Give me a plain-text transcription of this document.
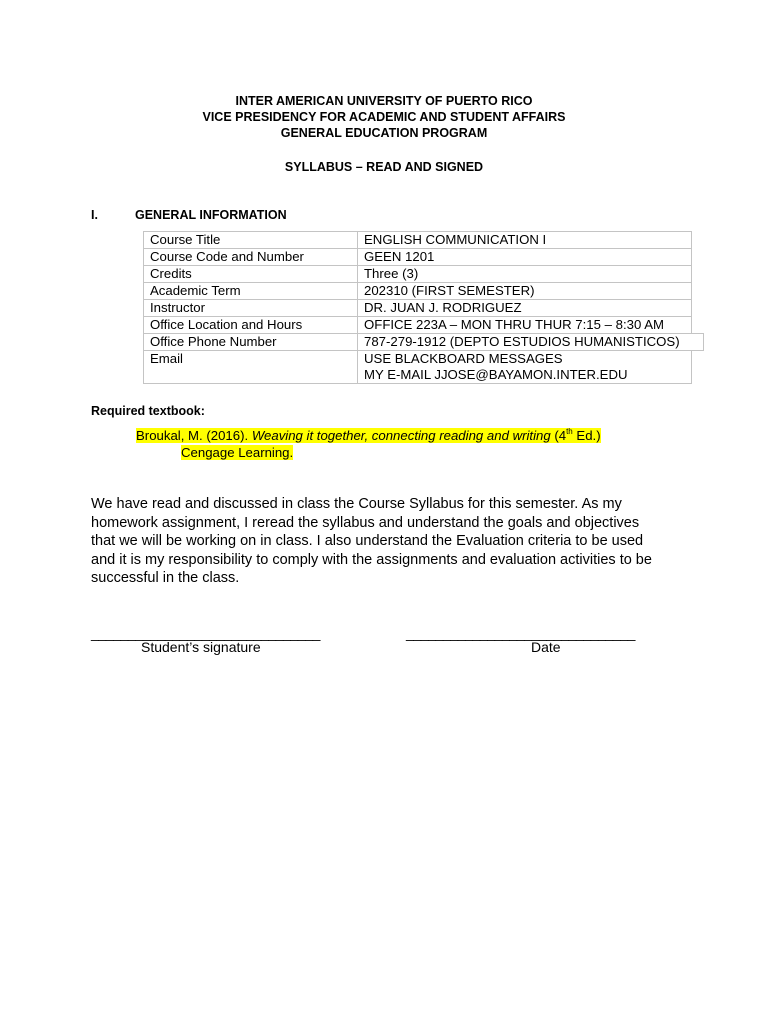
INTER AMERICAN UNIVERSITY OF PUERTO RICO
VICE PRESIDENCY FOR ACADEMIC AND STUDENT AFFAIRS
GENERAL EDUCATION PROGRAM
SYLLABUS – READ AND SIGNED
I.	GENERAL INFORMATION
Course Title	ENGLISH COMMUNICATION I
Course Code and Number	GEEN 1201
Credits	Three (3)
Academic Term	202310 (FIRST SEMESTER)
Instructor	DR. JUAN J. RODRIGUEZ
Office Location and Hours	OFFICE 223A – MON THRU THUR 7:15 – 8:30 AM
Office Phone Number	787-279-1912 (DEPTO ESTUDIOS HUMANISTICOS)

Email	USE BLACKBOARD MESSAGES
MY E-MAIL JJOSE@BAYAMON.INTER.EDU
Required textbook:
Broukal, M. (2016). Weaving it together, connecting reading and writing (4th Ed.)
Cengage Learning.
We have read and discussed in class the Course Syllabus for this semester. As my
homework assignment, I reread the syllabus and understand the goals and objectives
that we will be working on in class. I also understand the Evaluation criteria to be used
and it is my responsibility to comply with the assignments and evaluation activities to be
successful in the class.
_______________________________	_______________________________
Student’s signature	Date
